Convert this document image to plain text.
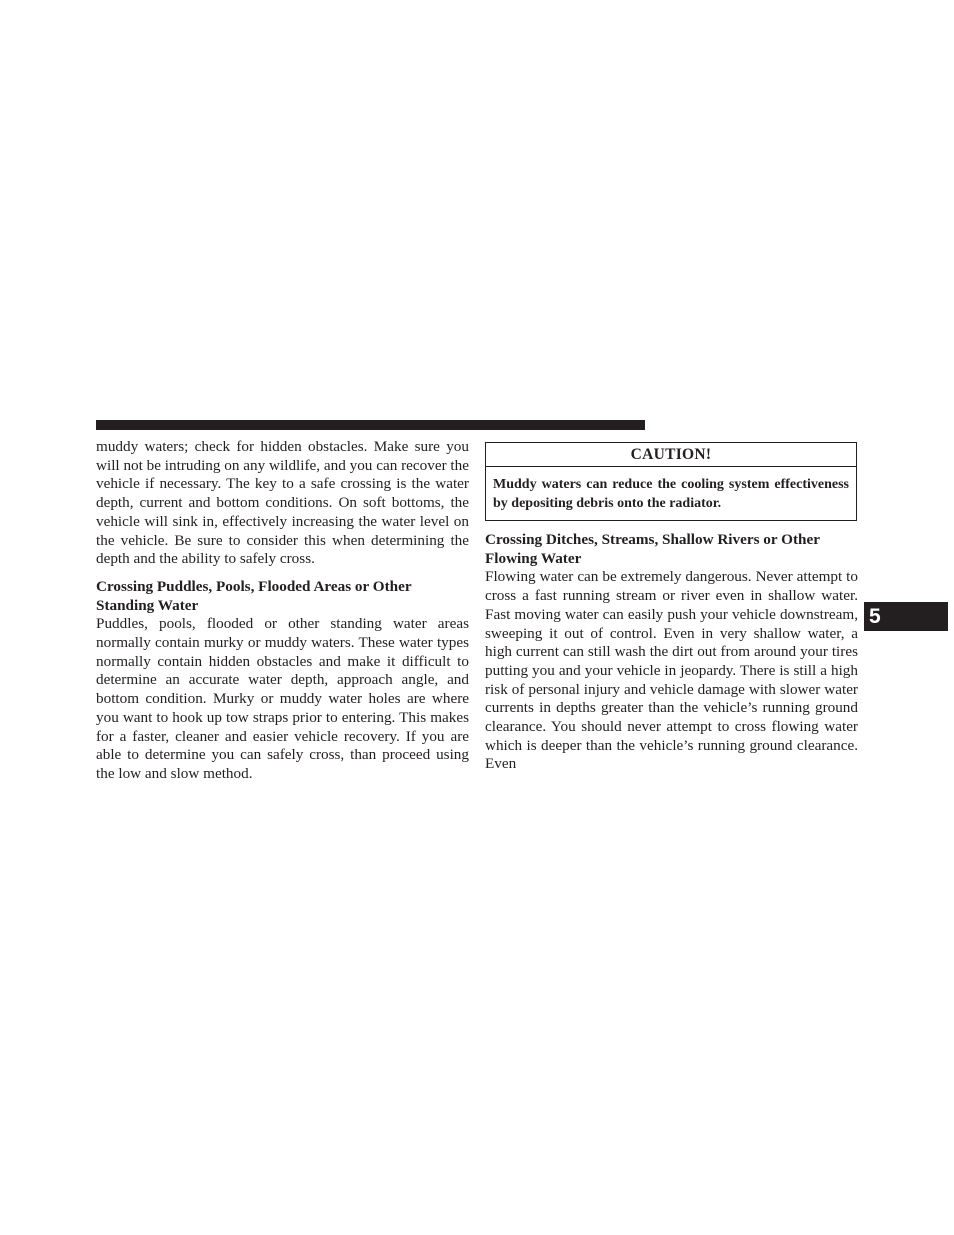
muddy waters; check for hidden obstacles. Make sure you will not be intruding on any wildlife, and you can recover the vehicle if necessary. The key to a safe crossing is the water depth, current and bottom conditions. On soft bottoms, the vehicle will sink in, effectively increasing the water level on the vehicle. Be sure to consider this when determining the depth and the ability to safely cross.

Crossing Puddles, Pools, Flooded Areas or Other Standing Water

Puddles, pools, flooded or other standing water areas normally contain murky or muddy waters. These water types normally contain hidden obstacles and make it difficult to determine an accurate water depth, approach angle, and bottom condition. Murky or muddy water holes are where you want to hook up tow straps prior to entering. This makes for a faster, cleaner and easier vehicle recovery. If you are able to determine you can safely cross, than proceed using the low and slow method.

CAUTION!
Muddy waters can reduce the cooling system effectiveness by depositing debris onto the radiator.

Crossing Ditches, Streams, Shallow Rivers or Other Flowing Water

Flowing water can be extremely dangerous. Never attempt to cross a fast running stream or river even in shallow water. Fast moving water can easily push your vehicle downstream, sweeping it out of control. Even in very shallow water, a high current can still wash the dirt out from around your tires putting you and your vehicle in jeopardy. There is still a high risk of personal injury and vehicle damage with slower water currents in depths greater than the vehicle’s running ground clearance. You should never attempt to cross flowing water which is deeper than the vehicle’s running ground clearance. Even

5
